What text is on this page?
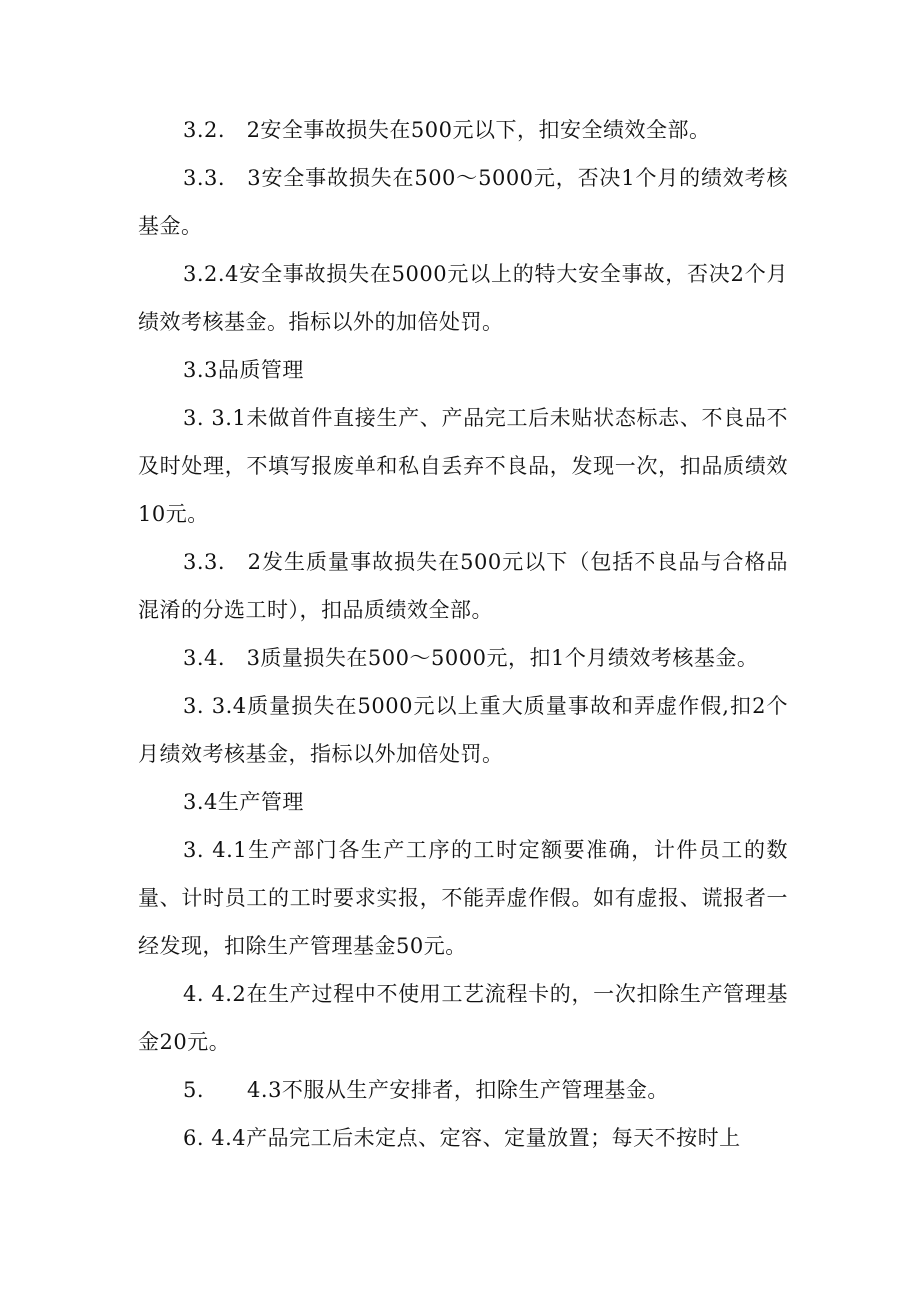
3.2.　2安全事故损失在500元以下，扣安全绩效全部。

3.3.　3安全事故损失在500～5000元，否决1个月的绩效考核基金。

3.2.4安全事故损失在5000元以上的特大安全事故，否决2个月绩效考核基金。指标以外的加倍处罚。

3.3品质管理

3. 3.1未做首件直接生产、产品完工后未贴状态标志、不良品不及时处理，不填写报废单和私自丢弃不良品，发现一次，扣品质绩效10元。

3.3.　2发生质量事故损失在500元以下（包括不良品与合格品混淆的分选工时），扣品质绩效全部。

3.4.　3质量损失在500～5000元，扣1个月绩效考核基金。

3. 3.4质量损失在5000元以上重大质量事故和弄虚作假,扣2个月绩效考核基金，指标以外加倍处罚。

3.4生产管理

3. 4.1生产部门各生产工序的工时定额要准确，计件员工的数量、计时员工的工时要求实报，不能弄虚作假。如有虚报、谎报者一经发现，扣除生产管理基金50元。

4. 4.2在生产过程中不使用工艺流程卡的，一次扣除生产管理基金20元。

5.　　4.3不服从生产安排者，扣除生产管理基金。

6. 4.4产品完工后未定点、定容、定量放置；每天不按时上
